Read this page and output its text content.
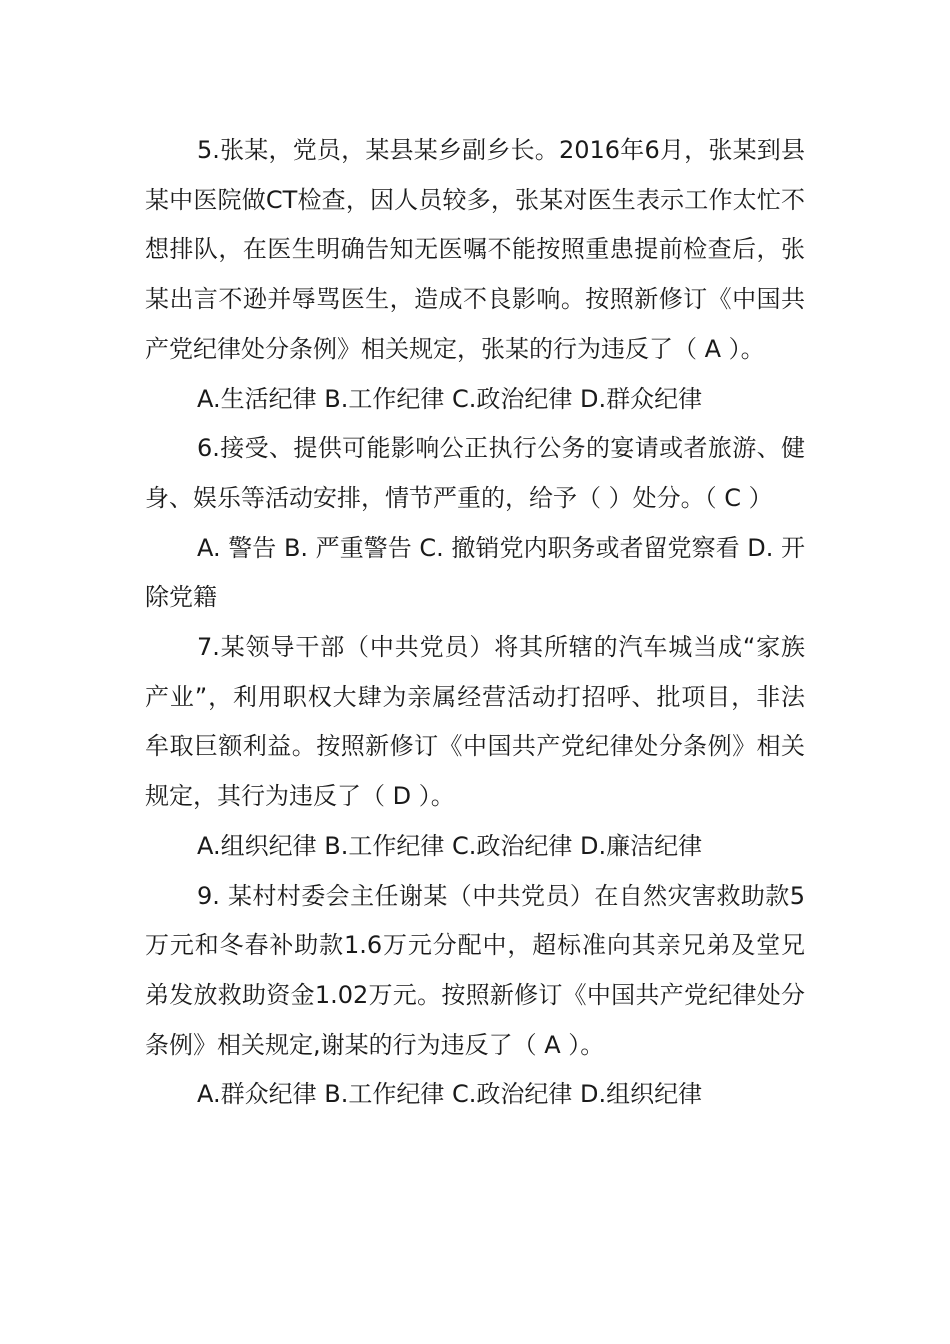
5.张某，党员，某县某乡副乡长。2016年6月，张某到县某中医院做CT检查，因人员较多，张某对医生表示工作太忙不想排队，在医生明确告知无医嘱不能按照重患提前检查后，张某出言不逊并辱骂医生，造成不良影响。按照新修订《中国共产党纪律处分条例》相关规定，张某的行为违反了（ A ）。

A.生活纪律 B.工作纪律 C.政治纪律 D.群众纪律

6.接受、提供可能影响公正执行公务的宴请或者旅游、健身、娱乐等活动安排，情节严重的，给予（ ）处分。（ C ）

A. 警告 B. 严重警告 C. 撤销党内职务或者留党察看 D. 开除党籍

7.某领导干部（中共党员）将其所辖的汽车城当成“家族产业”，利用职权大肆为亲属经营活动打招呼、批项目，非法牟取巨额利益。按照新修订《中国共产党纪律处分条例》相关规定，其行为违反了（ D ）。

A.组织纪律 B.工作纪律 C.政治纪律 D.廉洁纪律

9. 某村村委会主任谢某（中共党员）在自然灾害救助款5万元和冬春补助款1.6万元分配中，超标准向其亲兄弟及堂兄弟发放救助资金1.02万元。按照新修订《中国共产党纪律处分条例》相关规定,谢某的行为违反了（ A ）。

A.群众纪律 B.工作纪律 C.政治纪律 D.组织纪律
